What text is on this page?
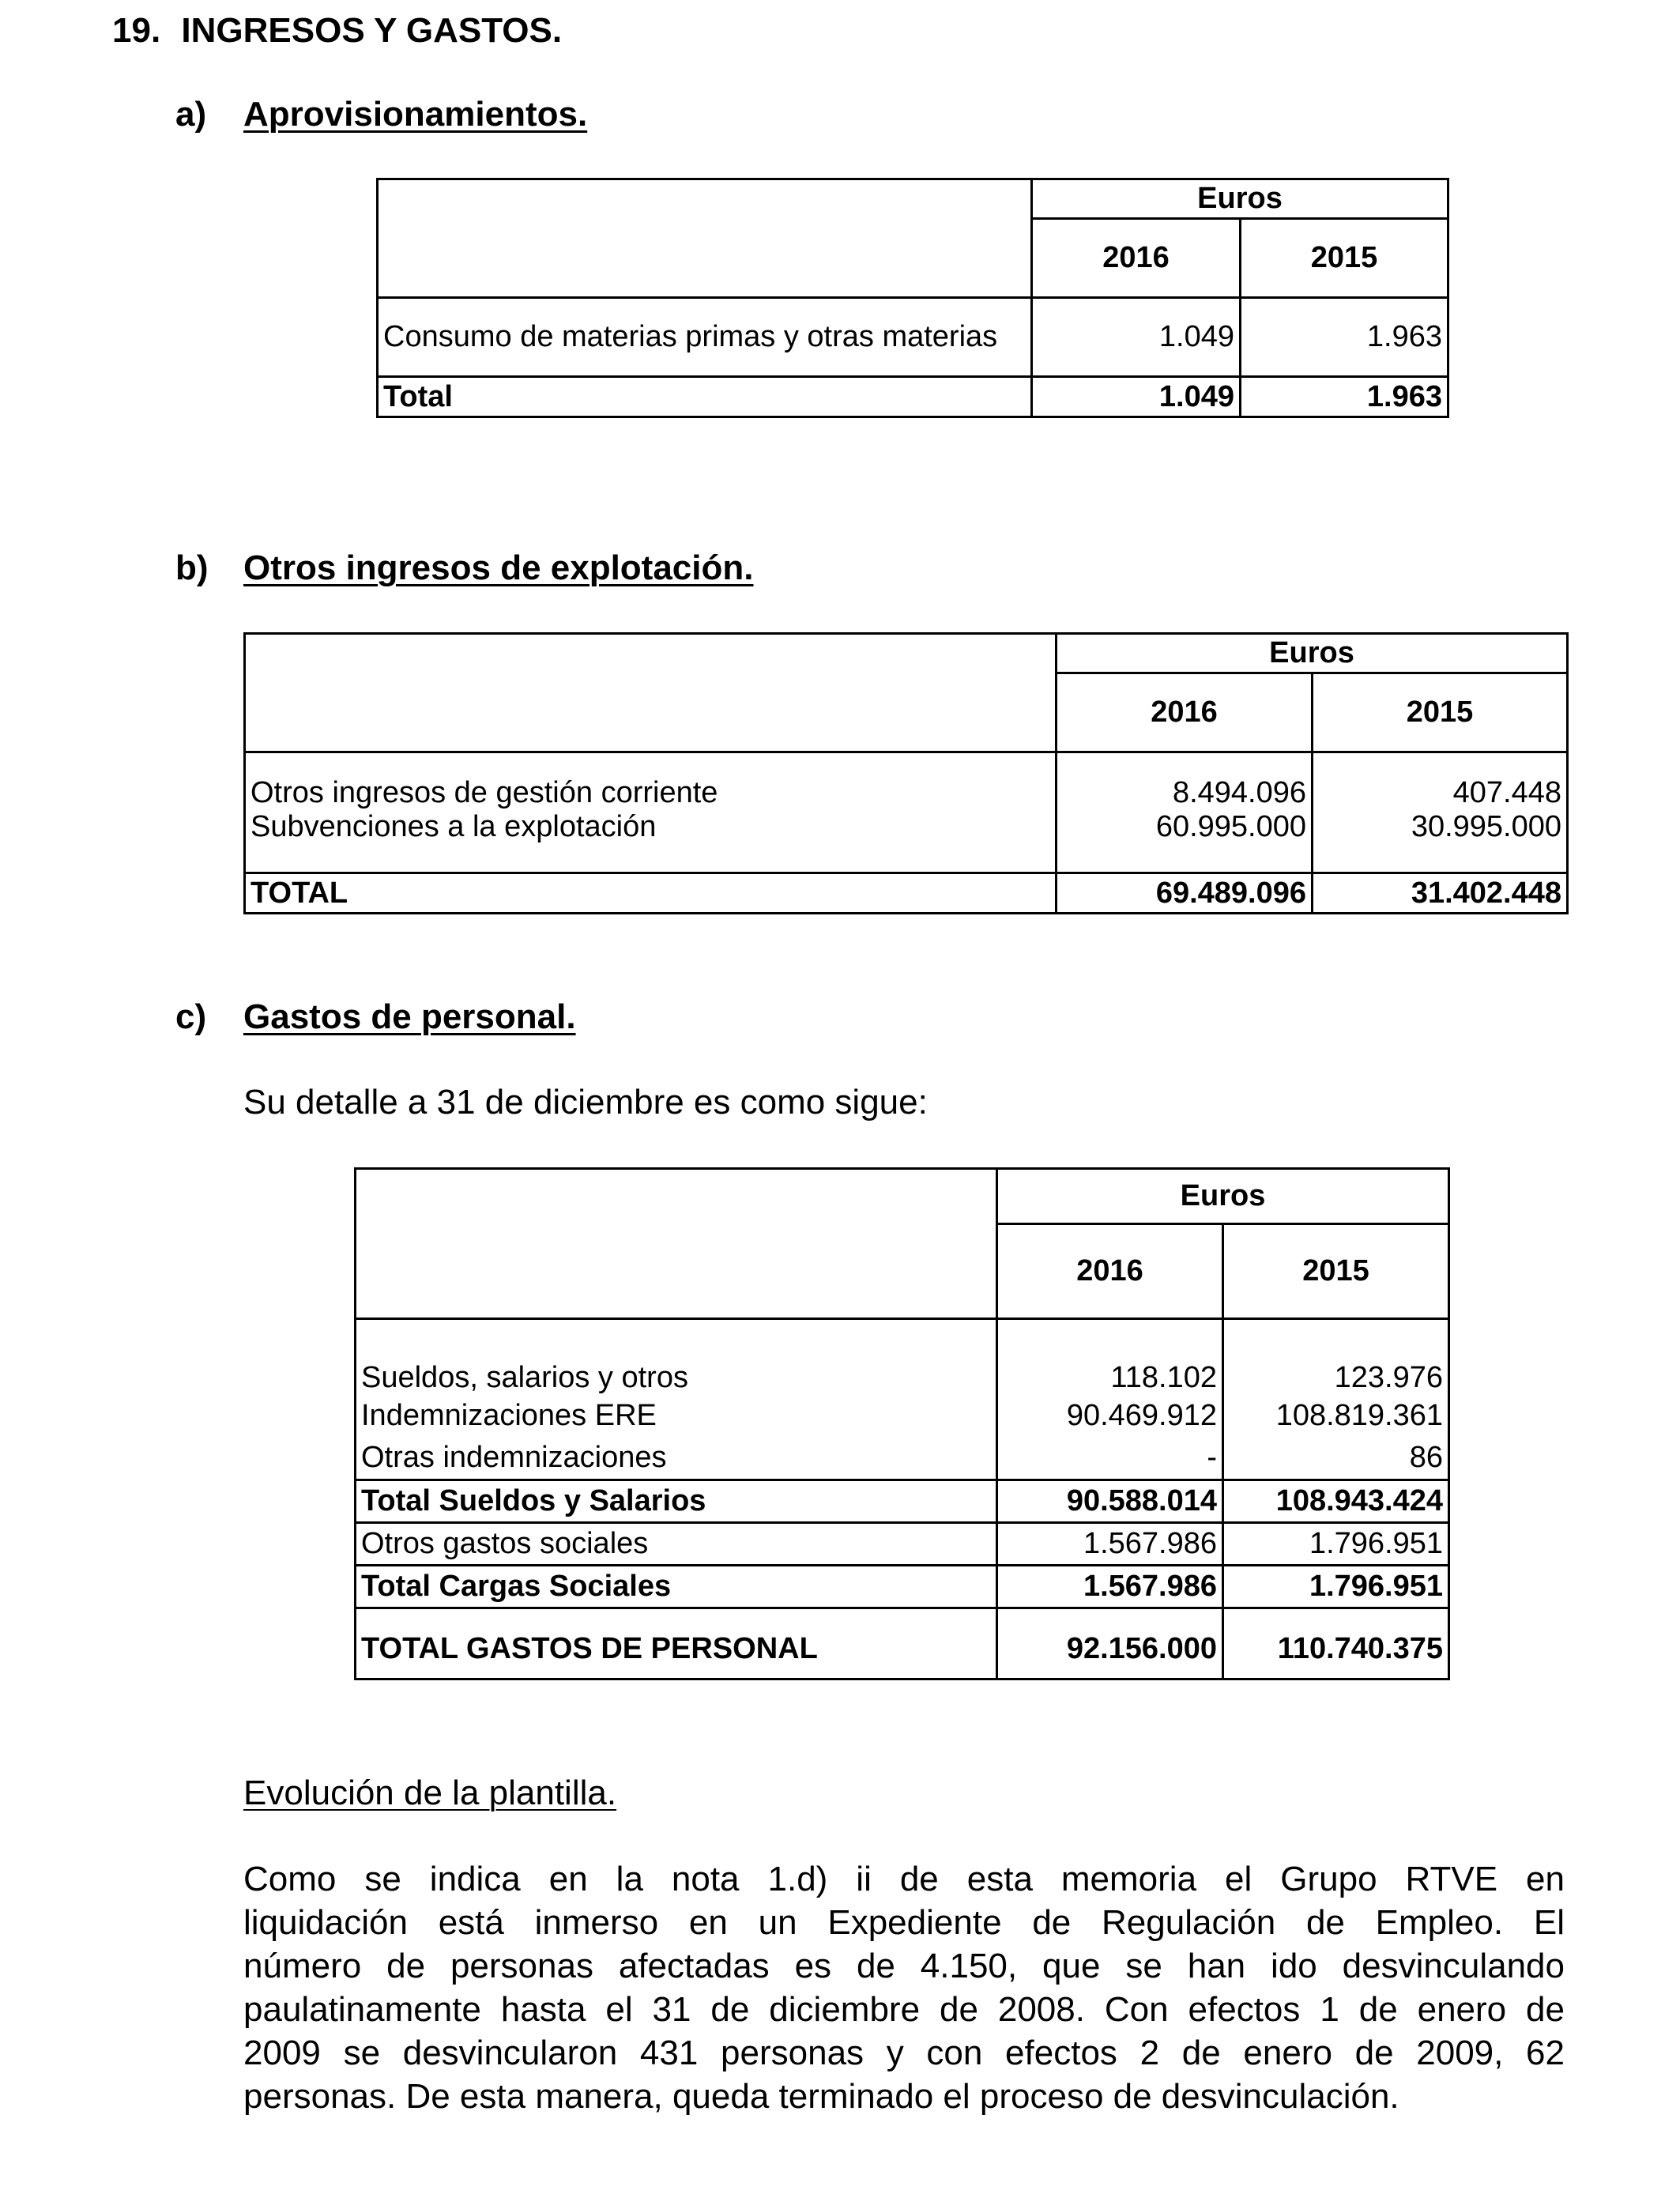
19. INGRESOS Y GASTOS.
a) Aprovisionamientos.
	Euros	
	2016	2015
Consumo de materias primas y otras materias	1.049	1.963
Total	1.049	1.963
b) Otros ingresos de explotación.
	Euros	
	2016	2015
Otros ingresos de gestión corriente	8.494.096	407.448
Subvenciones a la explotación	60.995.000	30.995.000

TOTAL	69.489.096	31.402.448
c) Gastos de personal.
Su detalle a 31 de diciembre es como sigue:
	Euros	
	2016	2015
Sueldos, salarios y otros	118.102	123.976
Indemnizaciones ERE	90.469.912	108.819.361
Otras indemnizaciones	-	86
Total Sueldos y Salarios	90.588.014	108.943.424
Otros gastos sociales	1.567.986	1.796.951
Total Cargas Sociales	1.567.986	1.796.951

TOTAL GASTOS DE PERSONAL	92.156.000	110.740.375
Evolución de la plantilla.
Como se indica en la nota 1.d) ii de esta memoria el Grupo RTVE en
liquidación está inmerso en un Expediente de Regulación de Empleo. El
número de personas afectadas es de 4.150, que se han ido desvinculando
paulatinamente hasta el 31 de diciembre de 2008. Con efectos 1 de enero de
2009 se desvincularon 431 personas y con efectos 2 de enero de 2009, 62
personas. De esta manera, queda terminado el proceso de desvinculación.
